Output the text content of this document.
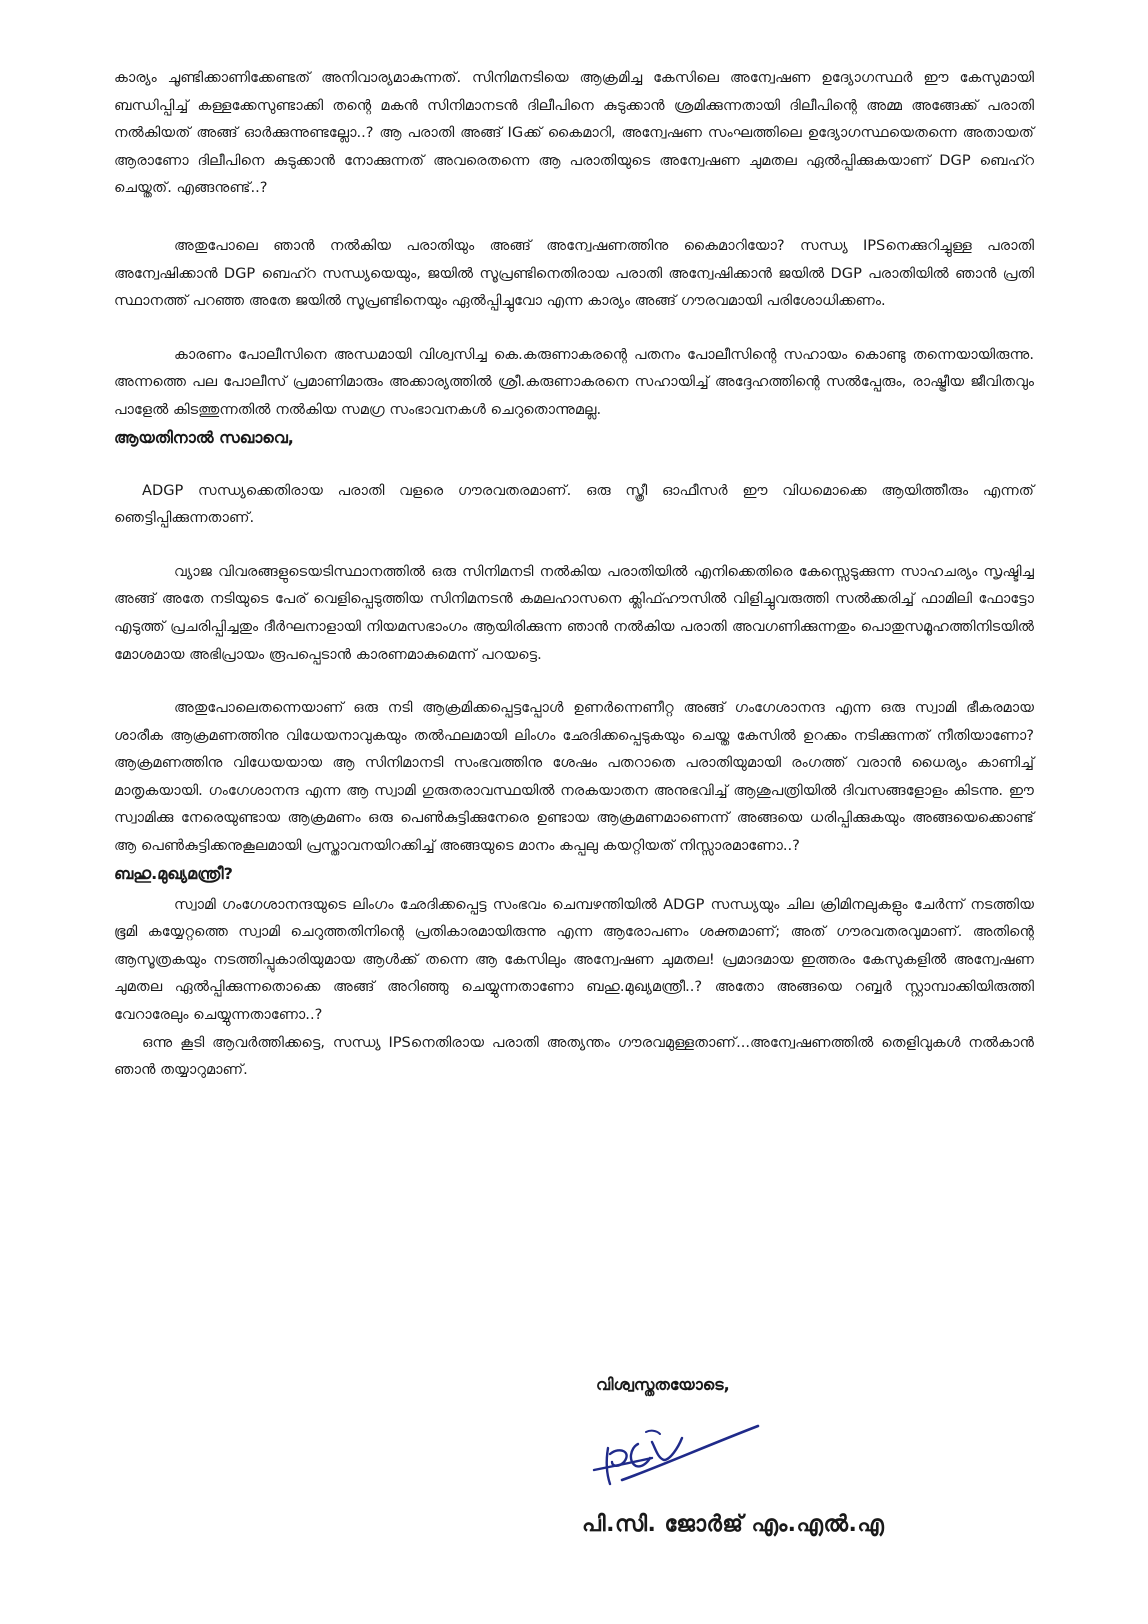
കാര്യം ചൂണ്ടിക്കാണിക്കേണ്ടത് അനിവാര്യമാകുന്നത്. സിനിമനടിയെ ആക്രമിച്ച കേസിലെ അന്വേഷണ ഉദ്യോഗസ്ഥർ ഈ കേസുമായി ബന്ധിപ്പിച്ച് കള്ളക്കേസുണ്ടാക്കി തന്റെ മകൻ സിനിമാനടൻ ദിലീപിനെ കുടുക്കാൻ ശ്രമിക്കുന്നതായി ദിലീപിന്റെ അമ്മ അങ്ങേക്ക് പരാതി നൽകിയത് അങ്ങ് ഓർക്കുന്നുണ്ടല്ലോ..? ആ പരാതി അങ്ങ് IGക്ക് കൈമാറി, അന്വേഷണ സംഘത്തിലെ ഉദ്യോഗസ്ഥയെതന്നെ അതായത് ആരാണോ ദിലീപിനെ കുടുക്കാൻ നോക്കുന്നത് അവരെതന്നെ ആ പരാതിയുടെ അന്വേഷണ ചുമതല ഏൽപ്പിക്കുകയാണ് DGP ബെഹ്റ ചെയ്തത്. എങ്ങനുണ്ട്..?

അതുപോലെ ഞാൻ നൽകിയ പരാതിയും അങ്ങ് അന്വേഷണത്തിനു കൈമാറിയോ? സന്ധ്യ IPSനെക്കുറിച്ചുള്ള പരാതി അന്വേഷിക്കാൻ DGP ബെഹ്റ സന്ധ്യയെയും, ജയിൽ സൂപ്രണ്ടിനെതിരായ പരാതി അന്വേഷിക്കാൻ ജയിൽ DGP പരാതിയിൽ ഞാൻ പ്രതി സ്ഥാനത്ത് പറഞ്ഞ അതേ ജയിൽ സൂപ്രണ്ടിനെയും ഏൽപ്പിച്ചുവോ എന്ന കാര്യം അങ്ങ് ഗൗരവമായി പരിശോധിക്കണം.

കാരണം പോലീസിനെ അന്ധമായി വിശ്വസിച്ച കെ.കരുണാകരന്റെ പതനം പോലീസിന്റെ സഹായം കൊണ്ടു തന്നെയായിരുന്നു. അന്നത്തെ പല പോലീസ് പ്രമാണിമാരും അക്കാര്യത്തിൽ ശ്രീ.കരുണാകരനെ സഹായിച്ച് അദ്ദേഹത്തിന്റെ സൽപ്പേരും, രാഷ്ട്രീയ ജീവിതവും പാളേൽ കിടത്തുന്നതിൽ നൽകിയ സമഗ്ര സംഭാവനകൾ ചെറുതൊന്നുമല്ല.

ആയതിനാൽ സഖാവെ,

ADGP സന്ധ്യക്കെതിരായ പരാതി വളരെ ഗൗരവതരമാണ്. ഒരു സ്ത്രീ ഓഫീസർ ഈ വിധമൊക്കെ ആയിത്തീരും എന്നത് ഞെട്ടിപ്പിക്കുന്നതാണ്.

വ്യാജ വിവരങ്ങളുടെയടിസ്ഥാനത്തിൽ ഒരു സിനിമനടി നൽകിയ പരാതിയിൽ എനിക്കെതിരെ കേസ്സെടുക്കുന്ന സാഹചര്യം സൃഷ്ടിച്ച അങ്ങ് അതേ നടിയുടെ പേര് വെളിപ്പെടുത്തിയ സിനിമനടൻ കമലഹാസനെ ക്ലിഫ്ഹൗസിൽ വിളിച്ചുവരുത്തി സൽക്കരിച്ച് ഫാമിലി ഫോട്ടോ എടുത്ത് പ്രചരിപ്പിച്ചതും ദീർഘനാളായി നിയമസഭാംഗം ആയിരിക്കുന്ന ഞാൻ നൽകിയ പരാതി അവഗണിക്കുന്നതും പൊതുസമൂഹത്തിനിടയിൽ മോശമായ അഭിപ്രായം രൂപപ്പെടാൻ കാരണമാകുമെന്ന് പറയട്ടെ.

അതുപോലെതന്നെയാണ് ഒരു നടി ആക്രമിക്കപ്പെട്ടപ്പോൾ ഉണർന്നെണീറ്റ അങ്ങ് ഗംഗേശാനന്ദ എന്ന ഒരു സ്വാമി ഭീകരമായ ശാരീക ആക്രമണത്തിനു വിധേയനാവുകയും തൽഫലമായി ലിംഗം ഛേദിക്കപ്പെടുകയും ചെയ്ത കേസിൽ ഉറക്കം നടിക്കുന്നത് നീതിയാണോ? ആക്രമണത്തിനു വിധേയയായ ആ സിനിമാനടി സംഭവത്തിനു ശേഷം പതറാതെ പരാതിയുമായി രംഗത്ത് വരാൻ ധൈര്യം കാണിച്ച് മാതൃകയായി. ഗംഗേശാനന്ദ എന്ന ആ സ്വാമി ഗുരുതരാവസ്ഥയിൽ നരകയാതന അനുഭവിച്ച് ആശുപത്രിയിൽ ദിവസങ്ങളോളം കിടന്നു. ഈ സ്വാമിക്കു നേരെയുണ്ടായ ആക്രമണം ഒരു പെൺകുട്ടിക്കുനേരെ ഉണ്ടായ ആക്രമണമാണെന്ന് അങ്ങയെ ധരിപ്പിക്കുകയും അങ്ങയെക്കൊണ്ട് ആ പെൺകുട്ടിക്കനുകൂലമായി പ്രസ്താവനയിറക്കിച്ച് അങ്ങയുടെ മാനം കപ്പലു കയറ്റിയത് നിസ്സാരമാണോ..?

ബഹു.മുഖ്യമന്ത്രീ?

സ്വാമി ഗംഗേശാനന്ദയുടെ ലിംഗം ഛേദിക്കപ്പെട്ട സംഭവം ചെമ്പഴന്തിയിൽ ADGP സന്ധ്യയും ചില ക്രിമിനലുകളും ചേർന്ന് നടത്തിയ ഭൂമി കയ്യേറ്റത്തെ സ്വാമി ചെറുത്തതിനിന്റെ പ്രതികാരമായിരുന്നു എന്ന ആരോപണം ശക്തമാണ്; അത് ഗൗരവതരവുമാണ്. അതിന്റെ ആസൂത്രകയും നടത്തിപ്പുകാരിയുമായ ആൾക്ക് തന്നെ ആ കേസിലും അന്വേഷണ ചുമതല! പ്രമാദമായ ഇത്തരം കേസുകളിൽ അന്വേഷണ ചുമതല ഏൽപ്പിക്കുന്നതൊക്കെ അങ്ങ് അറിഞ്ഞു ചെയ്യുന്നതാണോ ബഹു.മുഖ്യമന്ത്രീ..? അതോ അങ്ങയെ റബ്ബർ സ്റ്റാമ്പാക്കിയിരുത്തി വേറാരേലും ചെയ്യുന്നതാണോ..?

ഒന്നു കൂടി ആവർത്തിക്കട്ടെ, സന്ധ്യ IPSനെതിരായ പരാതി അത്യന്തം ഗൗരവമുള്ളതാണ്...അന്വേഷണത്തിൽ തെളിവുകൾ നൽകാൻ ഞാൻ തയ്യാറുമാണ്.

വിശ്വസ്തതയോടെ,
പി.സി. ജോർജ് എം.എൽ.എ
